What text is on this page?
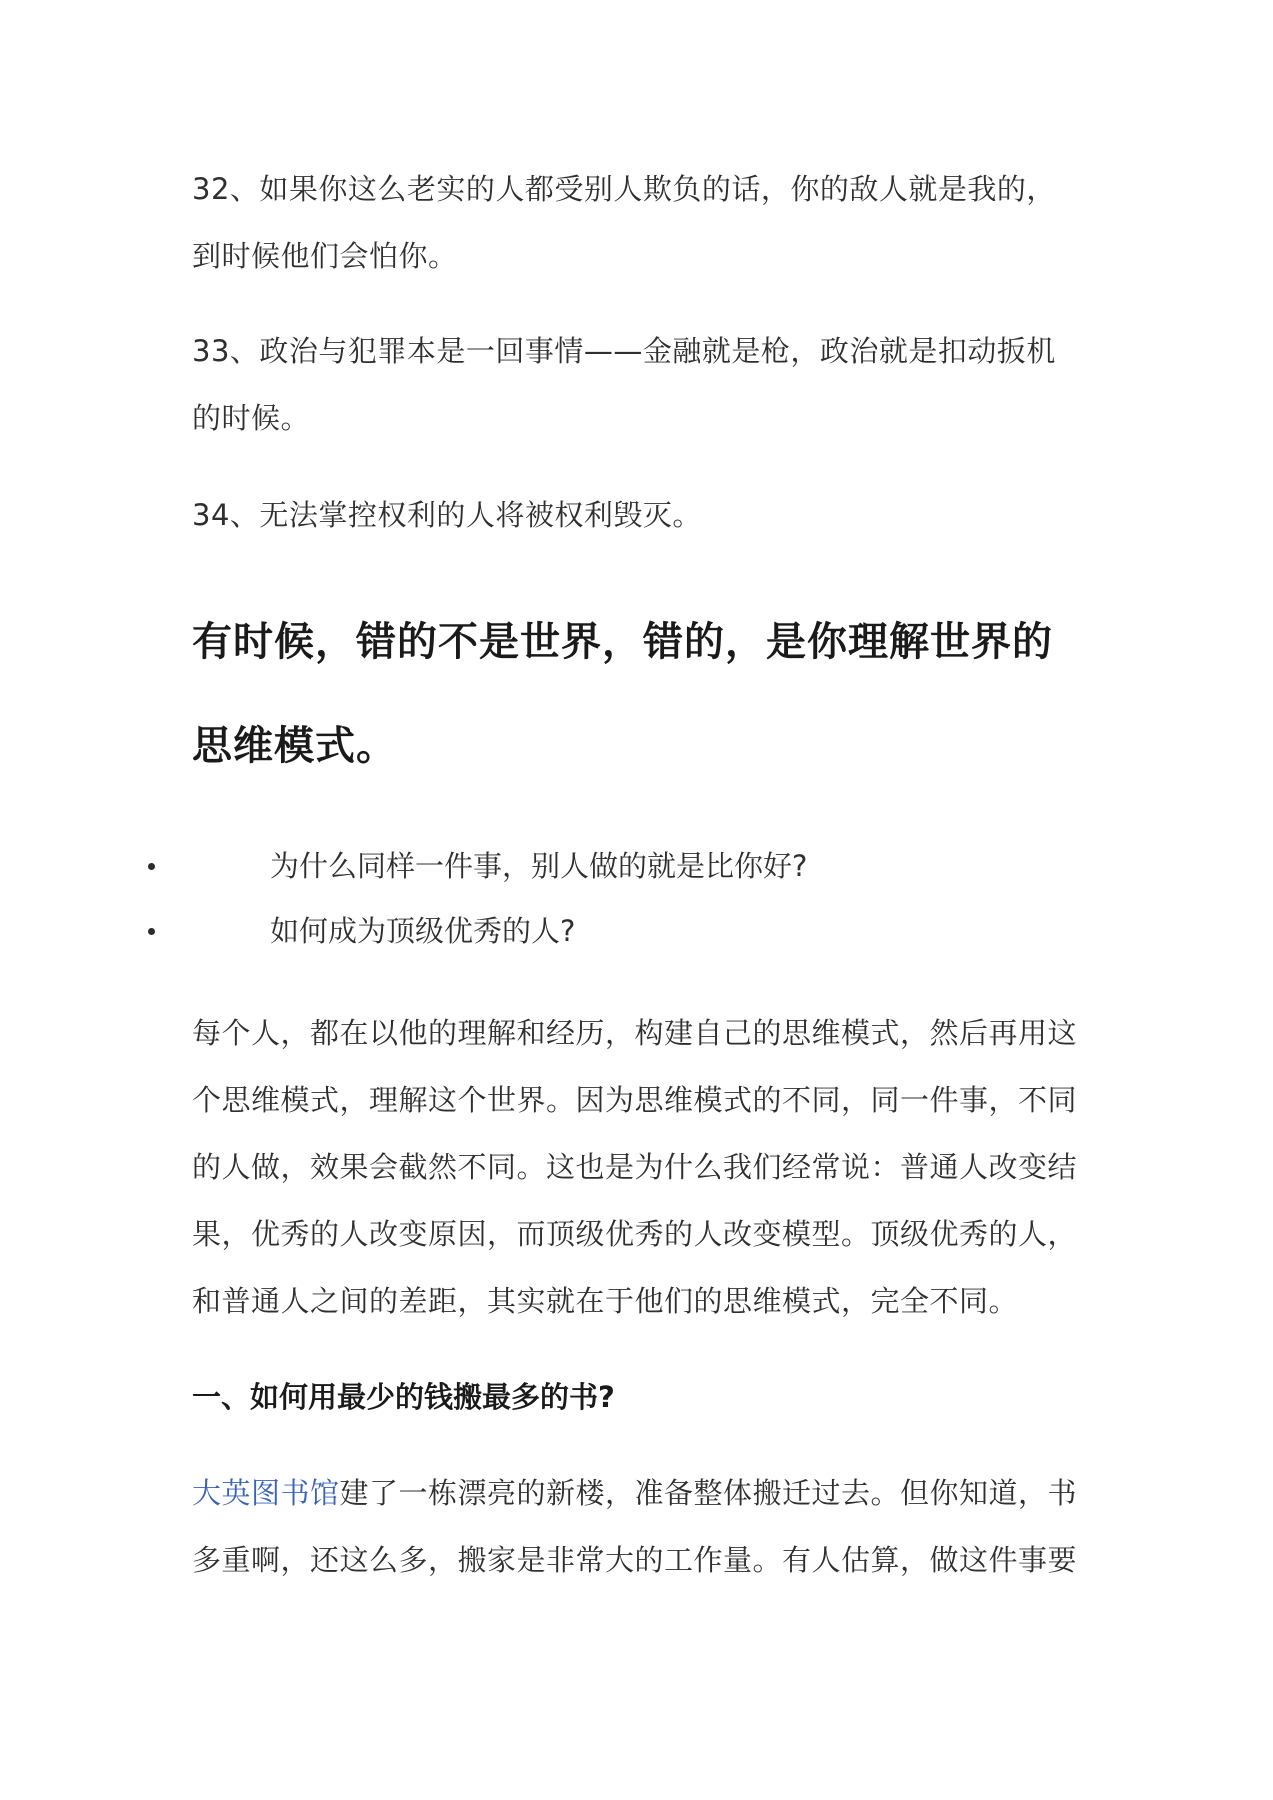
32、如果你这么老实的人都受别人欺负的话，你的敌人就是我的，
到时候他们会怕你。
33、政治与犯罪本是一回事情——金融就是枪，政治就是扣动扳机
的时候。
34、无法掌控权利的人将被权利毁灭。
有时候，错的不是世界，错的，是你理解世界的
思维模式。
为什么同样一件事，别人做的就是比你好?
如何成为顶级优秀的人?
每个人，都在以他的理解和经历，构建自己的思维模式，然后再用这
个思维模式，理解这个世界。因为思维模式的不同，同一件事，不同
的人做，效果会截然不同。这也是为什么我们经常说：普通人改变结
果，优秀的人改变原因，而顶级优秀的人改变模型。顶级优秀的人，
和普通人之间的差距，其实就在于他们的思维模式，完全不同。
一、如何用最少的钱搬最多的书?
大英图书馆建了一栋漂亮的新楼，准备整体搬迁过去。但你知道，书
多重啊，还这么多，搬家是非常大的工作量。有人估算，做这件事要
